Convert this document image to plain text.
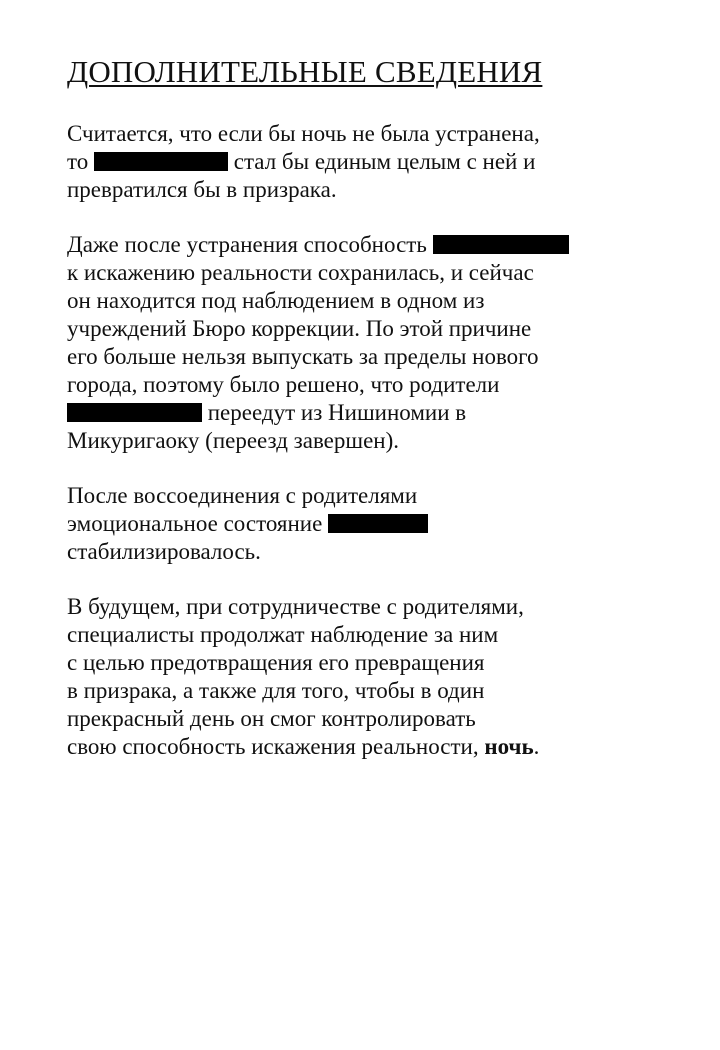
ДОПОЛНИТЕЛЬНЫЕ СВЕДЕНИЯ

Считается, что если бы ночь не была устранена,
то	стал бы единым целым с ней и
превратился бы в призрака.

Даже после устранения способность
к искажению реальности сохранилась, и сейчас
он находится под наблюдением в одном из
учреждений Бюро коррекции. По этой причине
его больше нельзя выпускать за пределы нового
города, поэтому было решено, что родители
переедут из Нишиномии в
Микуригаоку (переезд завершен).

После воссоединения с родителями
эмоциональное состояние
стабилизировалось.

В будущем, при сотрудничестве с родителями,
специалисты продолжат наблюдение за ним
с целью предотвращения его превращения
в призрака, а также для того, чтобы в один
прекрасный день он смог контролировать
свою способность искажения реальности, ночь.
